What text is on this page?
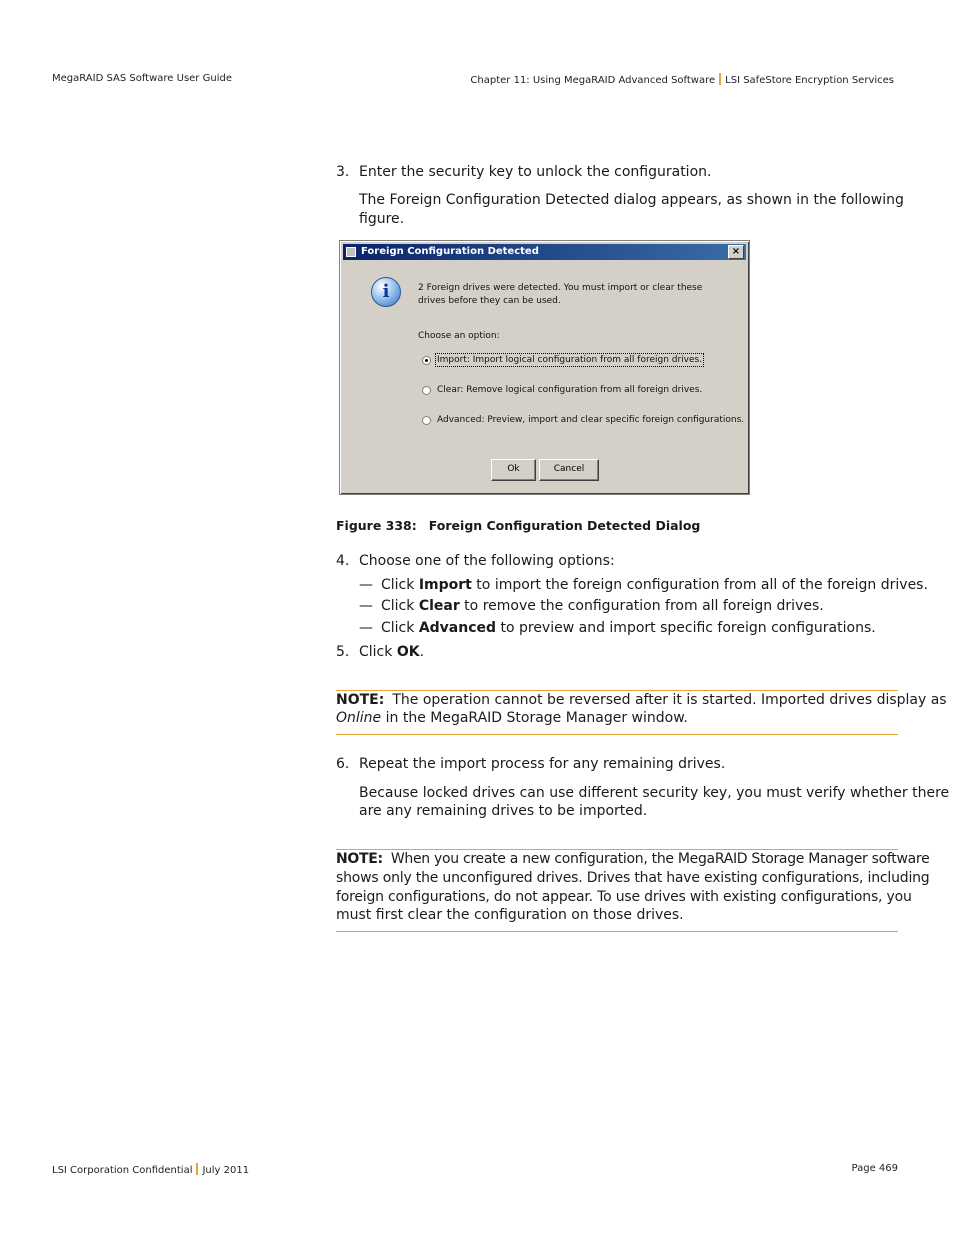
MegaRAID SAS Software User Guide	Chapter 11: Using MegaRAID Advanced Software LSI SafeStore Encryption Services
3. Enter the security key to unlock the configuration.
The Foreign Configuration Detected dialog appears, as shown in the following
figure.
Foreign Configuration Detected	×
i	2 Foreign drives were detected. You must import or clear these
drives before they can be used.
Choose an option:
Import: Import logical configuration from all foreign drives.
Clear: Remove logical configuration from all foreign drives.
Advanced: Preview, import and clear specific foreign configurations.
Ok	Cancel
Figure 338: Foreign Configuration Detected Dialog
4. Choose one of the following options:
— Click Import to import the foreign configuration from all of the foreign drives.
— Click Clear to remove the configuration from all foreign drives.
— Click Advanced to preview and import specific foreign configurations.
5. Click OK.
NOTE: The operation cannot be reversed after it is started. Imported drives display as
Online in the MegaRAID Storage Manager window.
6. Repeat the import process for any remaining drives.
Because locked drives can use different security key, you must verify whether there
are any remaining drives to be imported.
NOTE: When you create a new configuration, the MegaRAID Storage Manager software
shows only the unconfigured drives. Drives that have existing configurations, including
foreign configurations, do not appear. To use drives with existing configurations, you
must first clear the configuration on those drives.
LSI Corporation Confidential July 2011	Page 469
